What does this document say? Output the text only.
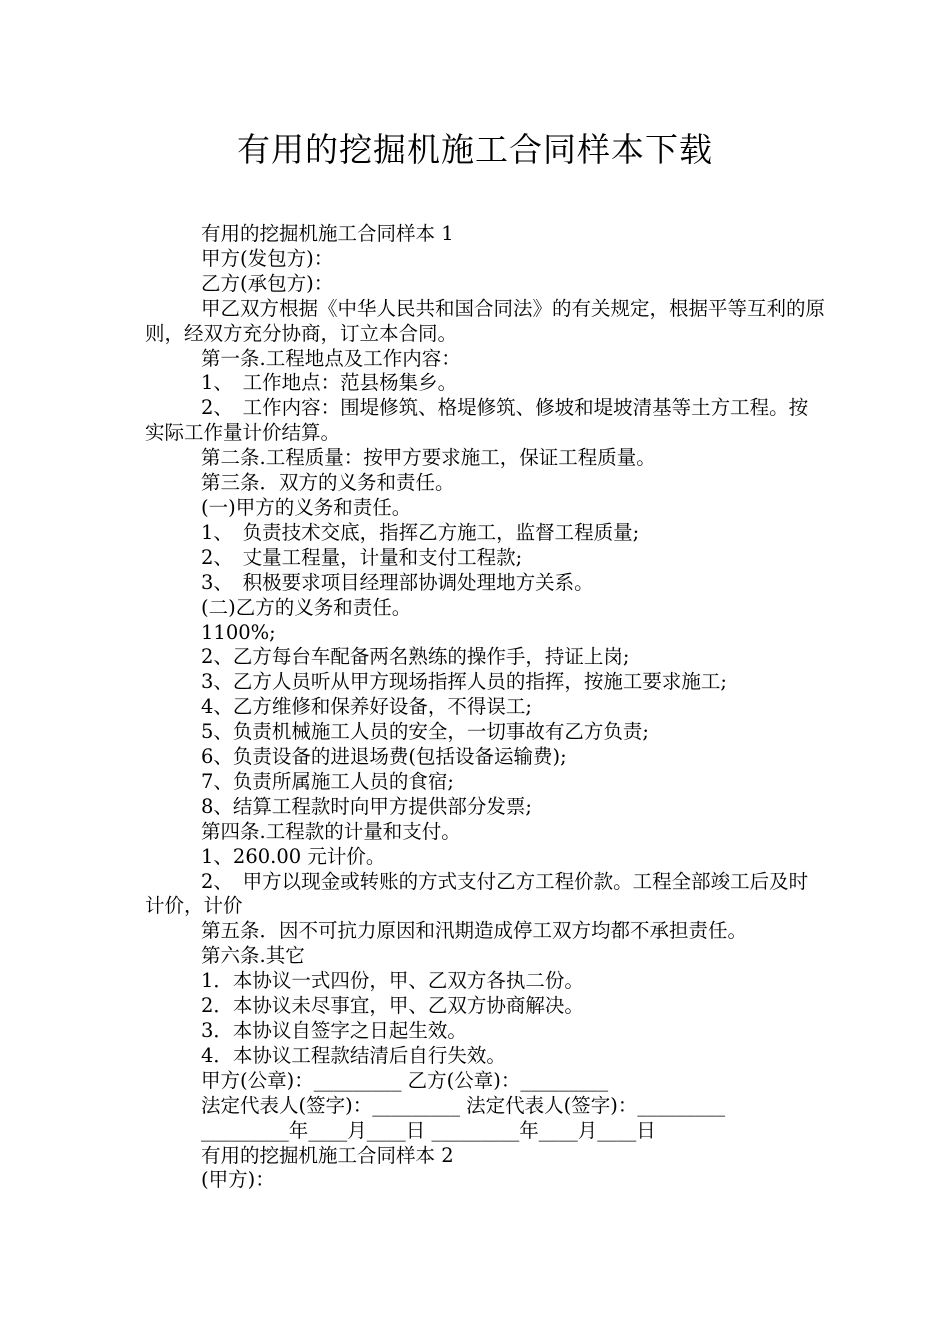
有用的挖掘机施工合同样本下载

有用的挖掘机施工合同样本 1

甲方(发包方)：

乙方(承包方)：

甲乙双方根据《中华人民共和国合同法》的有关规定，根据平等互利的原则，经双方充分协商，订立本合同。

第一条.工程地点及工作内容：

1、　工作地点：范县杨集乡。

2、　工作内容：围堤修筑、格堤修筑、修坡和堤坡清基等土方工程。按实际工作量计价结算。

第二条.工程质量：按甲方要求施工，保证工程质量。

第三条．双方的义务和责任。

(一)甲方的义务和责任。

1、　负责技术交底，指挥乙方施工，监督工程质量;

2、　丈量工程量，计量和支付工程款;

3、　积极要求项目经理部协调处理地方关系。

(二)乙方的义务和责任。

1100%;

2、乙方每台车配备两名熟练的操作手，持证上岗;

3、乙方人员听从甲方现场指挥人员的指挥，按施工要求施工;

4、乙方维修和保养好设备，不得误工;

5、负责机械施工人员的安全，一切事故有乙方负责;

6、负责设备的进退场费(包括设备运输费);

7、负责所属施工人员的食宿;

8、结算工程款时向甲方提供部分发票;

第四条.工程款的计量和支付。

1、260.00 元计价。

2、　甲方以现金或转账的方式支付乙方工程价款。工程全部竣工后及时计价，计价

第五条．因不可抗力原因和汛期造成停工双方均都不承担责任。

第六条.其它

1．本协议一式四份，甲、乙双方各执二份。

2．本协议未尽事宜，甲、乙双方协商解决。

3．本协议自签字之日起生效。

4．本协议工程款结清后自行失效。

甲方(公章)：_________ 乙方(公章)：_________

法定代表人(签字)：_________ 法定代表人(签字)：_________

_________年____月____日 _________年____月____日

有用的挖掘机施工合同样本 2

(甲方)：
